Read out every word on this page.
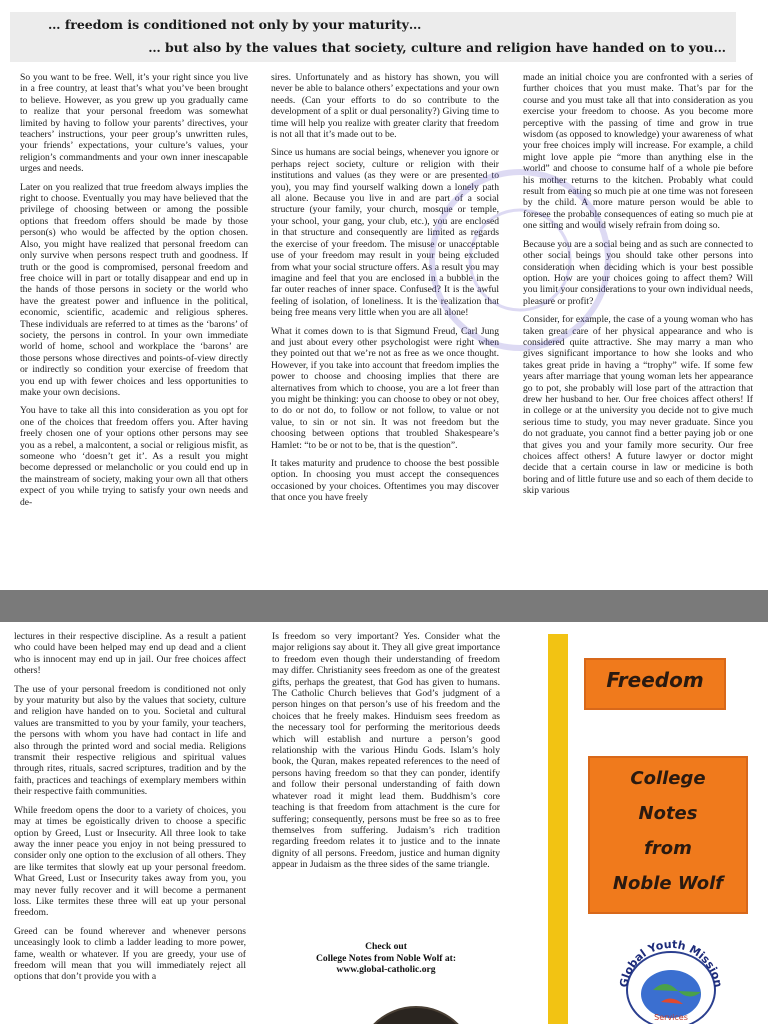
… freedom is conditioned not only by your maturity…
… but also by the values that society, culture and religion have handed on to you…

So you want to be free. Well, it’s your right since you live in a free country, at least that’s what you’ve been brought to believe. However, as you grew up you gradually came to realize that your personal freedom was somewhat limited by having to follow your parents’ directives, your teachers’ instructions, your peer group’s unwritten rules, your friends’ expectations, your culture’s values, your religion’s commandments and your own inner inescapable urges and needs.

Later on you realized that true freedom always implies the right to choose. Eventually you may have believed that the privilege of choosing between or among the possible options that freedom offers should be made by those person(s) who would be affected by the option chosen. Also, you might have realized that personal freedom can only survive when persons respect truth and goodness. If truth or the good is compromised, personal freedom and free choice will in part or totally disappear and end up in the hands of those persons in society or the world who have the greatest power and influence in the political, economic, scientific, academic and religious spheres. These individuals are referred to at times as the ‘barons’ of society, the persons in control. In your own immediate world of home, school and workplace the ‘barons’ are those persons whose directives and points-of-view directly or indirectly so condition your exercise of freedom that you end up with fewer choices and less opportunities to make your own decisions.

You have to take all this into consideration as you opt for one of the choices that freedom offers you. After having freely chosen one of your options other persons may see you as a rebel, a malcontent, a social or religious misfit, as someone who ‘doesn’t get it’. As a result you might become depressed or melancholic or you could end up in the mainstream of society, making your own all that others expect of you while trying to satisfy your own needs and de-

sires. Unfortunately and as history has shown, you will never be able to balance others’ expectations and your own needs. (Can your efforts to do so contribute to the development of a split or dual personality?) Giving time to time will help you realize with greater clarity that freedom is not all that it’s made out to be.

Since us humans are social beings, whenever you ignore or perhaps reject society, culture or religion with their institutions and values (as they were or are presented to you), you may find yourself walking down a lonely path all alone. Because you live in and are part of a social structure (your family, your church, mosque or temple, your school, your gang, your club, etc.), you are enclosed in that structure and consequently are limited as regards the exercise of your freedom. The misuse or unacceptable use of your freedom may result in your being excluded from what your social structure offers. As a result you may imagine and feel that you are enclosed in a bubble in the far outer reaches of inner space. Confused? It is the awful feeling of isolation, of loneliness. It is the realization that being free means very little when you are all alone!

What it comes down to is that Sigmund Freud, Carl Jung and just about every other psychologist were right when they pointed out that we’re not as free as we once thought. However, if you take into account that freedom implies the power to choose and choosing implies that there are alternatives from which to choose, you are a lot freer than you might be thinking: you can choose to obey or not obey, to do or not do, to follow or not follow, to value or not value, to sin or not sin. It was not freedom but the choosing between options that troubled Shakespeare’s Hamlet: “to be or not to be, that is the question”.

It takes maturity and prudence to choose the best possible option. In choosing you must accept the consequences occasioned by your choices. Oftentimes you may discover that once you have freely

made an initial choice you are confronted with a series of further choices that you must make. That’s par for the course and you must take all that into consideration as you exercise your freedom to choose. As you become more perceptive with the passing of time and grow in true wisdom (as opposed to knowledge) your awareness of what your free choices imply will increase. For example, a child might love apple pie “more than anything else in the world” and choose to consume half of a whole pie before his mother returns to the kitchen. Probably what could result from eating so much pie at one time was not foreseen by the child. A more mature person would be able to foresee the probable consequences of eating so much pie at one sitting and would wisely refrain from doing so.

Because you are a social being and as such are connected to other social beings you should take other persons into consideration when deciding which is your best possible option. How are your choices going to affect them? Will you limit your considerations to your own individual needs, pleasure or profit?

Consider, for example, the case of a young woman who has taken great care of her physical appearance and who is considered quite attractive. She may marry a man who gives significant importance to how she looks and who takes great pride in having a “trophy” wife. If some few years after marriage that young woman lets her appearance go to pot, she probably will lose part of the attraction that drew her husband to her. Our free choices affect others! If in college or at the university you decide not to give much serious time to study, you may never graduate. Since you do not graduate, you cannot find a better paying job or one that gives you and your family more security. Our free choices affect others! A future lawyer or doctor might decide that a certain course in law or medicine is both boring and of little future use and so each of them decide to skip various

lectures in their respective discipline. As a result a patient who could have been helped may end up dead and a client who is innocent may end up in jail. Our free choices affect others!

The use of your personal freedom is conditioned not only by your maturity but also by the values that society, culture and religion have handed on to you. Societal and cultural values are transmitted to you by your family, your teachers, the persons with whom you have had contact in life and also through the printed word and social media. Religions transmit their respective religious and spiritual values through rites, rituals, sacred scriptures, tradition and by the faith, practices and teachings of exemplary members within their respective faith communities.

While freedom opens the door to a variety of choices, you may at times be egoistically driven to choose a specific option by Greed, Lust or Insecurity. All three look to take away the inner peace you enjoy in not being pressured to consider only one option to the exclusion of all others. They are like termites that slowly eat up your personal freedom. What Greed, Lust or Insecurity takes away from you, you may never fully recover and it will become a permanent loss. Like termites these three will eat up your personal freedom.

Greed can be found wherever and whenever persons unceasingly look to climb a ladder leading to more power, fame, wealth or whatever. If you are greedy, your use of freedom will mean that you will immediately reject all options that don’t provide you with a

Is freedom so very important? Yes. Consider what the major religions say about it. They all give great importance to freedom even though their understanding of freedom may differ. Christianity sees freedom as one of the greatest gifts, perhaps the greatest, that God has given to humans. The Catholic Church believes that God’s judgment of a person hinges on that person’s use of his freedom and the choices that he freely makes. Hinduism sees freedom as the necessary tool for performing the meritorious deeds which will establish and nurture a person’s good relationship with the various Hindu Gods. Islam’s holy book, the Quran, makes repeated references to the need of persons having freedom so that they can ponder, identify and follow their personal understanding of faith down whatever road it might lead them. Buddhism’s core teaching is that freedom from attachment is the cure for suffering; consequently, persons must be free so as to free themselves from suffering. Judaism’s rich tradition regarding freedom relates it to justice and to the innate dignity of all persons. Freedom, justice and human dignity appear in Judaism as the three sides of the same triangle.

Check out
College Notes from Noble Wolf at:
www.global-catholic.org
Freedom
College
Notes
from
Noble Wolf
Global Youth Mission
Services
